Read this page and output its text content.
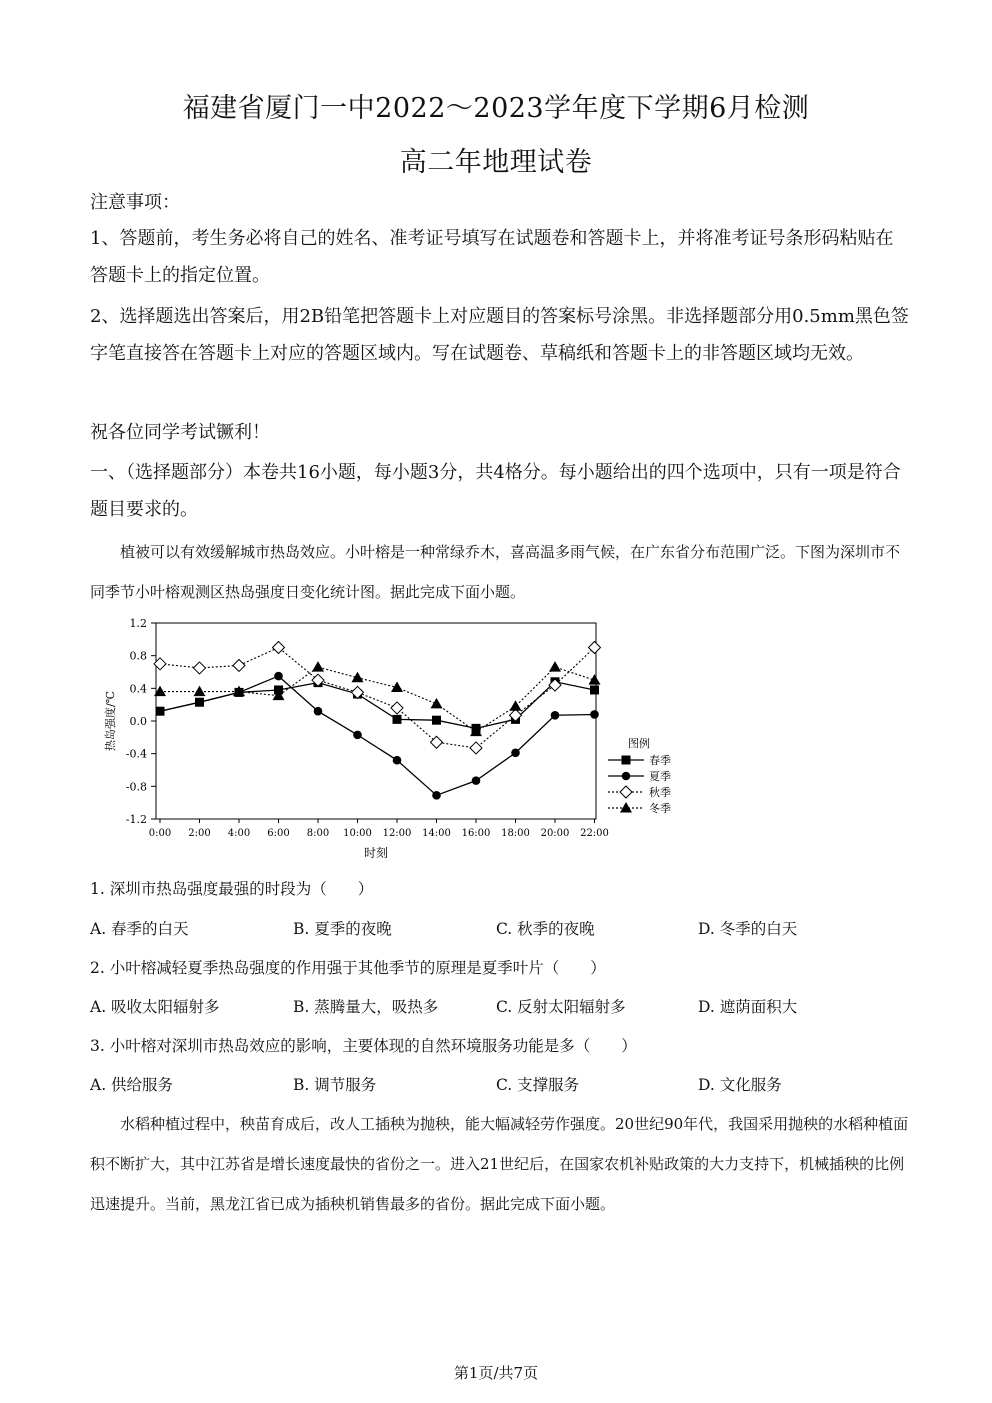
福建省厦门一中2022～2023学年度下学期6月检测
高二年地理试卷

注意事项：

1、答题前，考生务必将自己的姓名、准考证号填写在试题卷和答题卡上，并将准考证号条形码粘贴在答题卡上的指定位置。

2、选择题选出答案后，用2B铅笔把答题卡上对应题目的答案标号涂黑。非选择题部分用0.5mm黑色签字笔直接答在答题卡上对应的答题区域内。写在试题卷、草稿纸和答题卡上的非答题区域均无效。

祝各位同学考试镢利！

一、（选择题部分）本卷共16小题，每小题3分，共4格分。每小题给出的四个选项中，只有一项是符合题目要求的。

植被可以有效缓解城市热岛效应。小叶榕是一种常绿乔木，喜高温多雨气候，在广东省分布范围广泛。下图为深圳市不同季节小叶榕观测区热岛强度日变化统计图。据此完成下面小题。

1.2
0.8
0.4
0.0
-0.4
-0.8
-1.2
0:00 2:00 4:00 6:00 8:00 10:00 12:00 14:00 16:00 18:00 20:00 22:00
热岛强度/℃
时刻
图例
春季
夏季
秋季
冬季
1. 深圳市热岛强度最强的时段为（　　）
A. 春季的白天	B. 夏季的夜晚	C. 秋季的夜晚	D. 冬季的白天
2. 小叶榕减轻夏季热岛强度的作用强于其他季节的原理是夏季叶片（　　）
A. 吸收太阳辐射多	B. 蒸腾量大，吸热多	C. 反射太阳辐射多	D. 遮荫面积大
3. 小叶榕对深圳市热岛效应的影响，主要体现的自然环境服务功能是多（　　）
A. 供给服务	B. 调节服务	C. 支撑服务	D. 文化服务

水稻种植过程中，秧苗育成后，改人工插秧为抛秧，能大幅减轻劳作强度。20世纪90年代，我国采用抛秧的水稻种植面积不断扩大，其中江苏省是增长速度最快的省份之一。进入21世纪后，在国家农机补贴政策的大力支持下，机械插秧的比例迅速提升。当前，黑龙江省已成为插秧机销售最多的省份。据此完成下面小题。

第1页/共7页
